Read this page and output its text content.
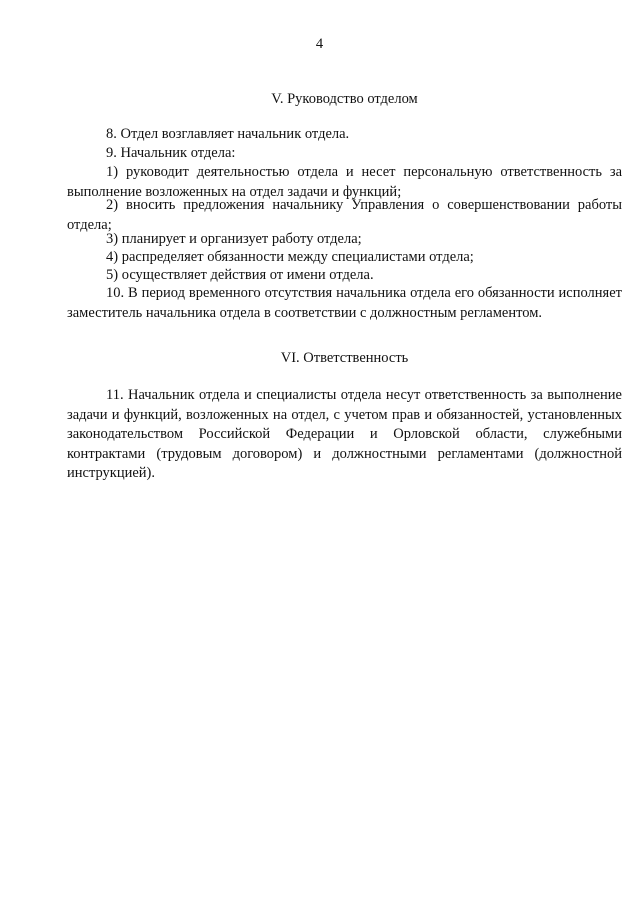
4
V. Руководство отделом
8. Отдел возглавляет начальник отдела.
9. Начальник отдела:
1) руководит деятельностью отдела и несет персональную ответственность за выполнение возложенных на отдел задачи и функций;
2) вносить предложения начальнику Управления о совершенствовании работы отдела;
3) планирует и организует работу отдела;
4) распределяет обязанности между специалистами отдела;
5) осуществляет действия от имени отдела.
10. В период временного отсутствия начальника отдела его обязанности исполняет заместитель начальника отдела в соответствии с должностным регламентом.
VI. Ответственность
11. Начальник отдела и специалисты отдела несут ответственность за выполнение задачи и функций, возложенных на отдел, с учетом прав и обязанностей, установленных законодательством Российской Федерации и Орловской области, служебными контрактами (трудовым договором) и должностными регламентами (должностной инструкцией).
